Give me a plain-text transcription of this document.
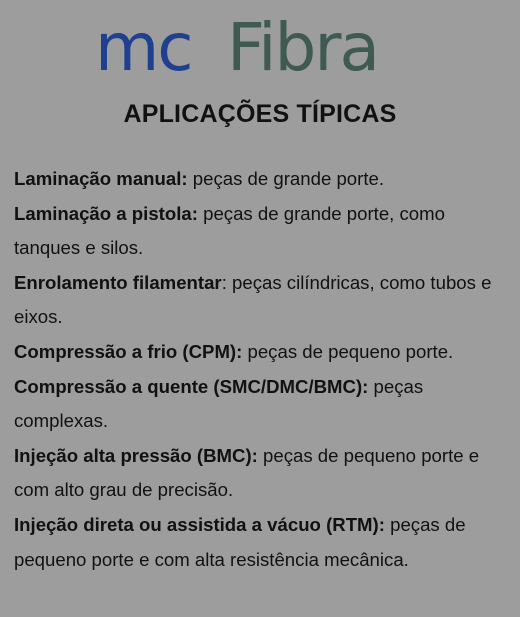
mc Fibra
APLICAÇÕES TÍPICAS

Laminação manual: peças de grande porte.

Laminação a pistola: peças de grande porte, como tanques e silos.

Enrolamento filamentar: peças cilíndricas, como tubos e eixos.

Compressão a frio (CPM): peças de pequeno porte.

Compressão a quente (SMC/DMC/BMC): peças complexas.

Injeção alta pressão (BMC): peças de pequeno porte e com alto grau de precisão.

Injeção direta ou assistida a vácuo (RTM): peças de pequeno porte e com alta resistência mecânica.
